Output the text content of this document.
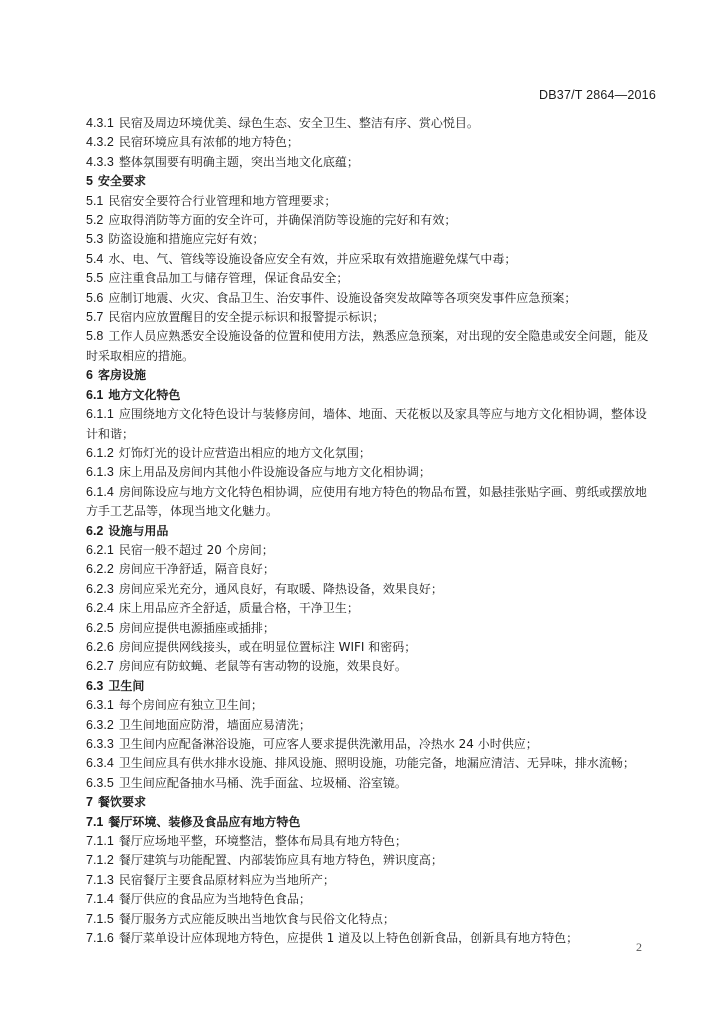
DB37/T 2864—2016
4.3.1 民宿及周边环境优美、绿色生态、安全卫生、整洁有序、赏心悦目。
4.3.2 民宿环境应具有浓郁的地方特色；
4.3.3 整体氛围要有明确主题，突出当地文化底蕴；
5 安全要求
5.1 民宿安全要符合行业管理和地方管理要求；
5.2 应取得消防等方面的安全许可，并确保消防等设施的完好和有效；
5.3 防盗设施和措施应完好有效；
5.4 水、电、气、管线等设施设备应安全有效，并应采取有效措施避免煤气中毒；
5.5 应注重食品加工与储存管理，保证食品安全；
5.6 应制订地震、火灾、食品卫生、治安事件、设施设备突发故障等各项突发事件应急预案；
5.7 民宿内应放置醒目的安全提示标识和报警提示标识；
5.8 工作人员应熟悉安全设施设备的位置和使用方法，熟悉应急预案，对出现的安全隐患或安全问题，能及时采取相应的措施。
6 客房设施
6.1 地方文化特色
6.1.1 应围绕地方文化特色设计与装修房间，墙体、地面、天花板以及家具等应与地方文化相协调，整体设计和谐；
6.1.2 灯饰灯光的设计应营造出相应的地方文化氛围；
6.1.3 床上用品及房间内其他小件设施设备应与地方文化相协调；
6.1.4 房间陈设应与地方文化特色相协调，应使用有地方特色的物品布置，如悬挂张贴字画、剪纸或摆放地方手工艺品等，体现当地文化魅力。
6.2 设施与用品
6.2.1 民宿一般不超过 20 个房间；
6.2.2 房间应干净舒适，隔音良好；
6.2.3 房间应采光充分，通风良好，有取暖、降热设备，效果良好；
6.2.4 床上用品应齐全舒适，质量合格，干净卫生；
6.2.5 房间应提供电源插座或插排；
6.2.6 房间应提供网线接头，或在明显位置标注 WIFI 和密码；
6.2.7 房间应有防蚊蝇、老鼠等有害动物的设施，效果良好。
6.3 卫生间
6.3.1 每个房间应有独立卫生间；
6.3.2 卫生间地面应防滑，墙面应易清洗；
6.3.3 卫生间内应配备淋浴设施，可应客人要求提供洗漱用品，冷热水 24 小时供应；
6.3.4 卫生间应具有供水排水设施、排风设施、照明设施，功能完备，地漏应清洁、无异味，排水流畅；
6.3.5 卫生间应配备抽水马桶、洗手面盆、垃圾桶、浴室镜。
7 餐饮要求
7.1 餐厅环境、装修及食品应有地方特色
7.1.1 餐厅应场地平整，环境整洁，整体布局具有地方特色；
7.1.2 餐厅建筑与功能配置、内部装饰应具有地方特色，辨识度高；
7.1.3 民宿餐厅主要食品原材料应为当地所产；
7.1.4 餐厅供应的食品应为当地特色食品；
7.1.5 餐厅服务方式应能反映出当地饮食与民俗文化特点；
7.1.6 餐厅菜单设计应体现地方特色，应提供 1 道及以上特色创新食品，创新具有地方特色；
2
